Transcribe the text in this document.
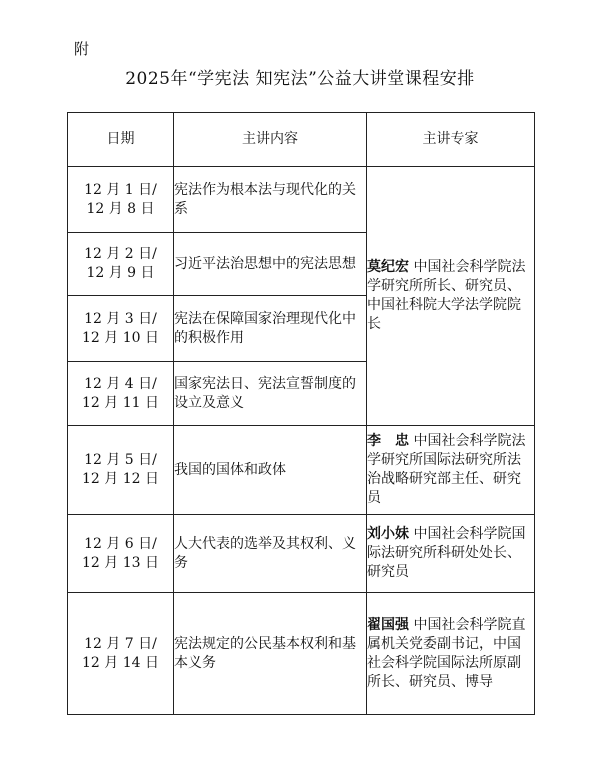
附
2025年“学宪法 知宪法”公益大讲堂课程安排
日期	主讲内容	主讲专家

12 月 1 日/
12 月 8 日	宪法作为根本法与现代化的关系	莫纪宏 中国社会科学院法学研究所所长、研究员、中国社科院大学法学院院长

12 月 2 日/
12 月 9 日	习近平法治思想中的宪法思想	

12 月 3 日/
12 月 10 日	宪法在保障国家治理现代化中的积极作用	

12 月 4 日/
12 月 11 日	国家宪法日、宪法宣誓制度的设立及意义	

12 月 5 日/
12 月 12 日	我国的国体和政体	李　忠 中国社会科学院法学研究所国际法研究所法治战略研究部主任、研究员

12 月 6 日/
12 月 13 日	人大代表的选举及其权利、义务	刘小妹 中国社会科学院国际法研究所科研处处长、研究员

12 月 7 日/
12 月 14 日	宪法规定的公民基本权利和基本义务	翟国强 中国社会科学院直属机关党委副书记，中国社会科学院国际法所原副所长、研究员、博导
